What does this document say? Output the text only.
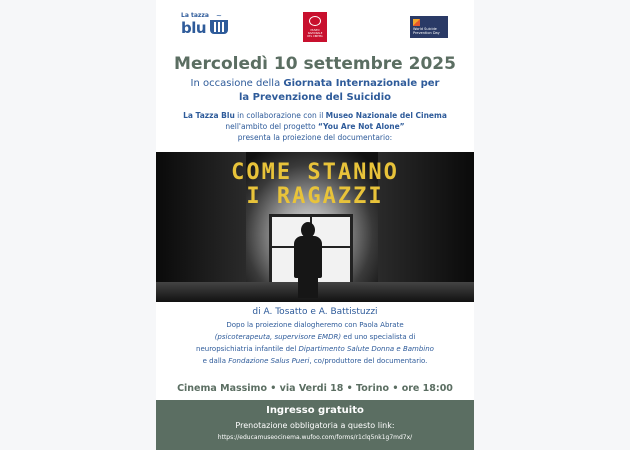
La tazza
blu
~
MUSEO NAZIONALE DEL CINEMA
World Suicide Prevention Day
Mercoledì 10 settembre 2025
In occasione della Giornata Internazionale per
la Prevenzione del Suicidio
La Tazza Blu in collaborazione con il Museo Nazionale del Cinema
nell'ambito del progetto “You Are Not Alone”
presenta la proiezione del documentario:
COME STANNO
I RAGAZZI
di A. Tosatto e A. Battistuzzi
Dopo la proiezione dialogheremo con Paola Abrate
(psicoterapeuta, supervisore EMDR) ed uno specialista di
neuropsichiatria infantile del Dipartimento Salute Donna e Bambino
e dalla Fondazione Salus Pueri, co/produttore del documentario.
Cinema Massimo • via Verdi 18 • Torino • ore 18:00
Ingresso gratuito
Prenotazione obbligatoria a questo link:
https://educamuseocinema.wufoo.com/forms/r1clq5nk1g7md7x/
